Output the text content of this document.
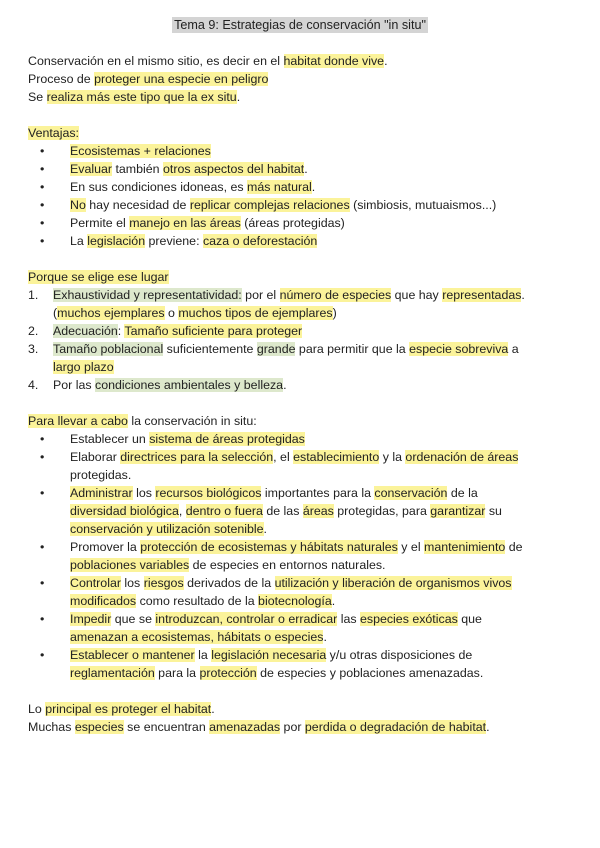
Tema 9: Estrategias de conservación "in situ"
Conservación en el mismo sitio, es decir en el habitat donde vive.
Proceso de proteger una especie en peligro
Se realiza más este tipo que la ex situ.
Ventajas:
•	Ecosistemas + relaciones
•	Evaluar también otros aspectos del habitat.
•	En sus condiciones idoneas, es más natural.
•	No hay necesidad de replicar complejas relaciones (simbiosis, mutuaismos...)
•	Permite el manejo en las áreas (áreas protegidas)
•	La legislación previene: caza o deforestación
Porque se elige ese lugar
1.	Exhaustividad y representatividad: por el número de especies que hay representadas.
(muchos ejemplares o muchos tipos de ejemplares)
2.	Adecuación: Tamaño suficiente para proteger
3.	Tamaño poblacional suficientemente grande para permitir que la especie sobreviva a
largo plazo
4.	Por las condiciones ambientales y belleza.
Para llevar a cabo la conservación in situ:
•	Establecer un sistema de áreas protegidas
•	Elaborar directrices para la selección, el establecimiento y la ordenación de áreas
protegidas.
•	Administrar los recursos biológicos importantes para la conservación de la
diversidad biológica, dentro o fuera de las áreas protegidas, para garantizar su
conservación y utilización sotenible.
•	Promover la protección de ecosistemas y hábitats naturales y el mantenimiento de
poblaciones variables de especies en entornos naturales.
•	Controlar los riesgos derivados de la utilización y liberación de organismos vivos
modificados como resultado de la biotecnología.
•	Impedir que se introduzcan, controlar o erradicar las especies exóticas que
amenazan a ecosistemas, hábitats o especies.
•	Establecer o mantener la legislación necesaria y/u otras disposiciones de
reglamentación para la protección de especies y poblaciones amenazadas.
Lo principal es proteger el habitat.
Muchas especies se encuentran amenazadas por perdida o degradación de habitat.
